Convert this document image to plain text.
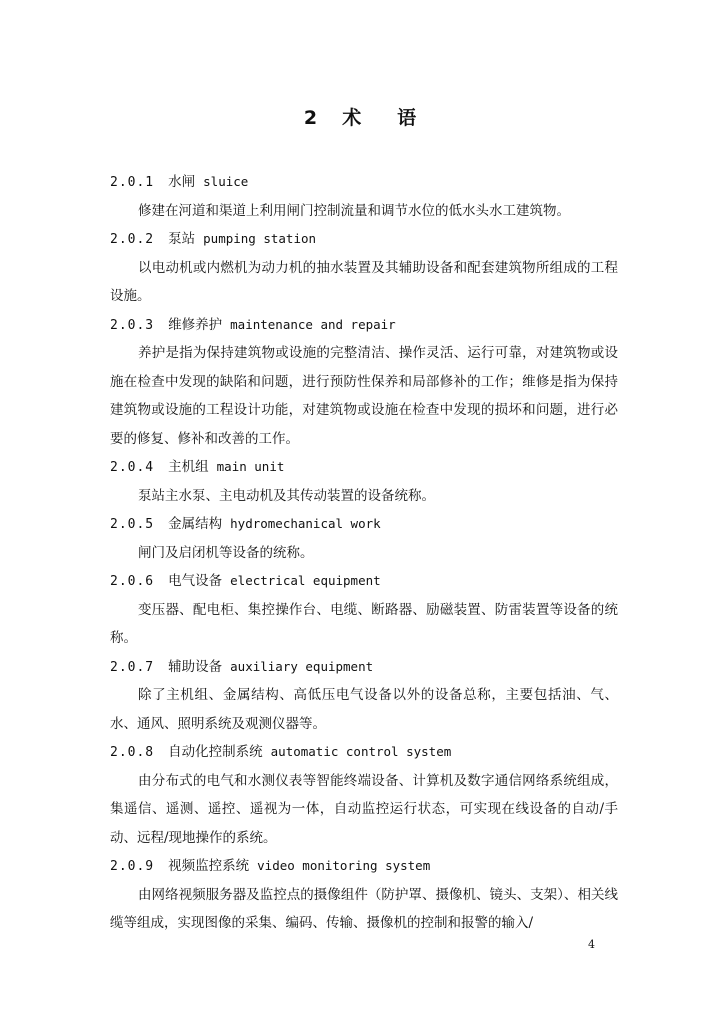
2  术   语
2.0.1 水闸 sluice

修建在河道和渠道上利用闸门控制流量和调节水位的低水头水工建筑物。

2.0.2 泵站 pumping station

以电动机或内燃机为动力机的抽水装置及其辅助设备和配套建筑物所组成的工程设施。

2.0.3 维修养护 maintenance and repair

养护是指为保持建筑物或设施的完整清洁、操作灵活、运行可靠，对建筑物或设施在检查中发现的缺陷和问题，进行预防性保养和局部修补的工作；维修是指为保持建筑物或设施的工程设计功能，对建筑物或设施在检查中发现的损坏和问题，进行必要的修复、修补和改善的工作。

2.0.4 主机组 main unit

泵站主水泵、主电动机及其传动装置的设备统称。

2.0.5 金属结构 hydromechanical work

闸门及启闭机等设备的统称。

2.0.6 电气设备 electrical equipment

变压器、配电柜、集控操作台、电缆、断路器、励磁装置、防雷装置等设备的统称。

2.0.7 辅助设备 auxiliary equipment

除了主机组、金属结构、高低压电气设备以外的设备总称，主要包括油、气、水、通风、照明系统及观测仪器等。

2.0.8 自动化控制系统 automatic control system

由分布式的电气和水测仪表等智能终端设备、计算机及数字通信网络系统组成，集遥信、遥测、遥控、遥视为一体，自动监控运行状态，可实现在线设备的自动/手动、远程/现地操作的系统。

2.0.9 视频监控系统 video monitoring system

由网络视频服务器及监控点的摄像组件（防护罩、摄像机、镜头、支架）、相关线缆等组成，实现图像的采集、编码、传输、摄像机的控制和报警的输入/

4
